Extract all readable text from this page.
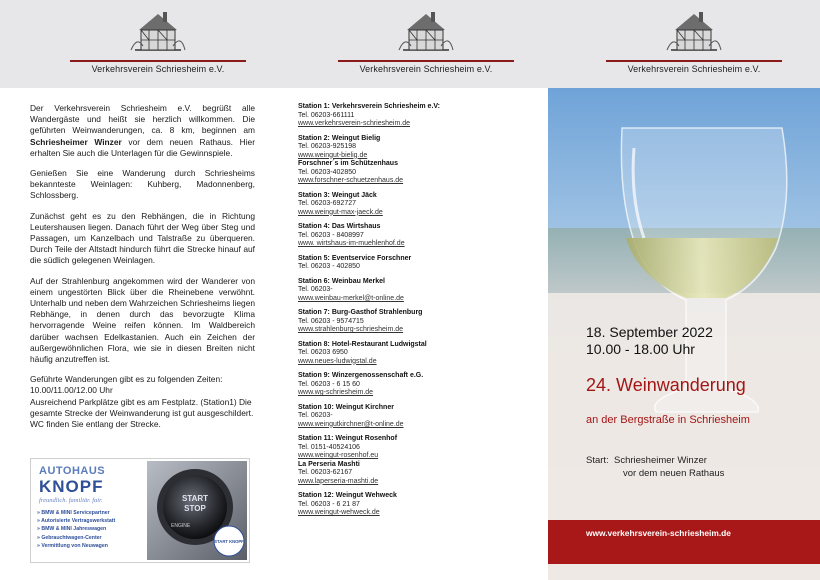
Verkehrsverein Schriesheim e.V.	Verkehrsverein Schriesheim e.V.	Verkehrsverein Schriesheim e.V.

Der Verkehrsverein Schriesheim e.V. begrüßt alle Wandergäste und heißt sie herzlich willkommen. Die geführten Weinwanderungen, ca. 8 km, beginnen am Schriesheimer Winzer vor dem neuen Rathaus. Hier erhalten Sie auch die Unterlagen für die Gewinnspiele.

Genießen Sie eine Wanderung durch Schriesheims bekannteste Weinlagen: Kuhberg, Madonnenberg, Schlossberg.

Zunächst geht es zu den Rebhängen, die in Richtung Leutershausen liegen. Danach führt der Weg über Steg und Passagen, um Kanzelbach und Talstraße zu überqueren. Durch Teile der Altstadt hindurch führt die Strecke hinauf auf die südlich gelegenen Weinlagen.

Auf der Strahlenburg angekommen wird der Wanderer von einem ungestörten Blick über die Rheinebene verwöhnt. Unterhalb und neben dem Wahrzeichen Schriesheims liegen Rebhänge, in denen durch das bevorzugte Klima hervorragende Weine reifen können. Im Waldbereich darüber wachsen Edelkastanien. Auch ein Zeichen der außergewöhnlichen Flora, wie sie in diesen Breiten nicht häufig anzutreffen ist.

Geführte Wanderungen gibt es zu folgenden Zeiten: 10.00/11.00/12.00 Uhr

Ausreichend Parkplätze gibt es am Festplatz. (Station1) Die gesamte Strecke der Weinwanderung ist gut ausgeschildert. WC finden Sie entlang der Strecke.

AUTOHAUS
KNOPF
freundlich. familiär. fair.
» BMW & MINI Servicepartner
» Autorisierte Vertragswerkstatt
» BMW & MINI Jahreswagen
» Gebrauchtwagen-Center
» Vermittlung von Neuwagen
START
STOP
ENGINE
START KNOPF
Station 1: Verkehrsverein Schriesheim e.V:
Tel. 06203-661111
www.verkehrsverein-schriesheim.de
Station 2: Weingut Bielig
Tel. 06203-925198
www.weingut-bielig.de
Forschner´s im Schützenhaus
Tel. 06203-402850
www.forschner-schuetzenhaus.de
Station 3: Weingut Jäck
Tel. 06203-692727
www.weingut-max-jaeck.de
Station 4: Das Wirtshaus
Tel. 06203 - 8408997
www. wirtshaus-im-muehlenhof.de
Station 5: Eventservice Forschner
Tel. 06203 - 402850
Station 6: Weinbau Merkel
Tel. 06203-
www.weinbau-merkel@t-online.de
Station 7: Burg-Gasthof Strahlenburg
Tel. 06203 - 9574715
www.strahlenburg-schriesheim.de
Station 8: Hotel-Restaurant Ludwigstal
Tel. 06203 6950
www.neues-ludwigstal.de
Station 9: Winzergenossenschaft e.G.
Tel. 06203 - 6 15 60
www.wg-schriesheim.de
Station 10: Weingut Kirchner
Tel. 06203-
www.weingutkirchner@t-online.de
Station 11: Weingut Rosenhof
Tel. 0151-40524106
www.weingut-rosenhof.eu
La Perseria Mashti
Tel. 06203-62167
www.laperseria-mashti.de
Station 12: Weingut Wehweck
Tel. 06203 - 6 21 87
www.weingut-wehweck.de
18. September 2022
10.00 - 18.00 Uhr
24. Weinwanderung
an der Bergstraße in Schriesheim
Start: Schriesheimer Winzer
vor dem neuen Rathaus
www.verkehrsverein-schriesheim.de
